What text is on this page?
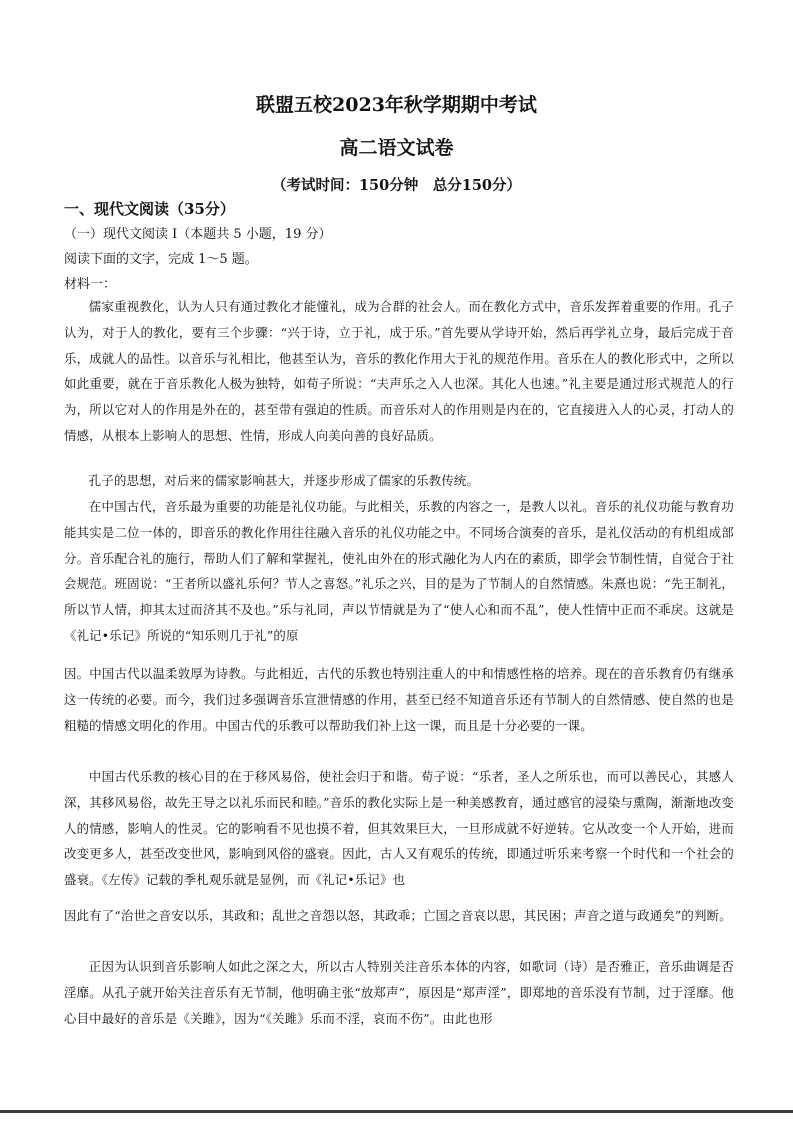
联盟五校2023年秋学期期中考试
高二语文试卷
（考试时间：150分钟　总分150分）
一、现代文阅读（35分）
（一）现代文阅读 I（本题共 5 小题，19 分）
阅读下面的文字，完成 1～5 题。
材料一：

儒家重视教化，认为人只有通过教化才能懂礼，成为合群的社会人。而在教化方式中，音乐发挥着重要的作用。孔子认为，对于人的教化，要有三个步骤：“兴于诗，立于礼，成于乐。”首先要从学诗开始，然后再学礼立身，最后完成于音乐，成就人的品性。以音乐与礼相比，他甚至认为，音乐的教化作用大于礼的规范作用。音乐在人的教化形式中，之所以如此重要，就在于音乐教化人极为独特，如荀子所说：“夫声乐之入人也深。其化人也速。”礼主要是通过形式规范人的行为，所以它对人的作用是外在的，甚至带有强迫的性质。而音乐对人的作用则是内在的，它直接进入人的心灵，打动人的情感，从根本上影响人的思想、性情，形成人向美向善的良好品质。

孔子的思想，对后来的儒家影响甚大，并逐步形成了儒家的乐教传统。

在中国古代，音乐最为重要的功能是礼仪功能。与此相关，乐教的内容之一，是教人以礼。音乐的礼仪功能与教育功能其实是二位一体的，即音乐的教化作用往往融入音乐的礼仪功能之中。不同场合演奏的音乐，是礼仪活动的有机组成部分。音乐配合礼的施行，帮助人们了解和掌握礼，使礼由外在的形式融化为人内在的素质，即学会节制性情，自觉合于社会规范。班固说：“王者所以盛礼乐何？节人之喜怒。”礼乐之兴，目的是为了节制人的自然情感。朱熹也说：“先王制礼，所以节人情，抑其太过而济其不及也。”乐与礼同，声以节情就是为了“使人心和而不乱”，使人性情中正而不乖戾。这就是《礼记•乐记》所说的“知乐则几于礼”的原

因。中国古代以温柔敦厚为诗教。与此相近，古代的乐教也特别注重人的中和情感性格的培养。现在的音乐教育仍有继承这一传统的必要。而今，我们过多强调音乐宣泄情感的作用，甚至已经不知道音乐还有节制人的自然情感、使自然的也是粗糙的情感文明化的作用。中国古代的乐教可以帮助我们补上这一课，而且是十分必要的一课。

中国古代乐教的核心目的在于移风易俗，使社会归于和谐。荀子说：“乐者，圣人之所乐也，而可以善民心，其感人深，其移风易俗，故先王导之以礼乐而民和睦。”音乐的教化实际上是一种美感教育，通过感官的浸染与熏陶，渐渐地改变人的情感，影响人的性灵。它的影响看不见也摸不着，但其效果巨大，一旦形成就不好逆转。它从改变一个人开始，进而改变更多人，甚至改变世风，影响到风俗的盛衰。因此，古人又有观乐的传统，即通过听乐来考察一个时代和一个社会的盛衰。《左传》记载的季札观乐就是显例，而《礼记•乐记》也

因此有了“治世之音安以乐，其政和；乱世之音怨以怒，其政乖；亡国之音哀以思，其民困；声音之道与政通矣”的判断。

正因为认识到音乐影响人如此之深之大，所以古人特别关注音乐本体的内容，如歌词（诗）是否雅正，音乐曲调是否淫靡。从孔子就开始关注音乐有无节制，他明确主张“放郑声”，原因是“郑声淫”，即郑地的音乐没有节制，过于淫靡。他心目中最好的音乐是《关雎》，因为“《关雎》乐而不淫，哀而不伤”。由此也形
